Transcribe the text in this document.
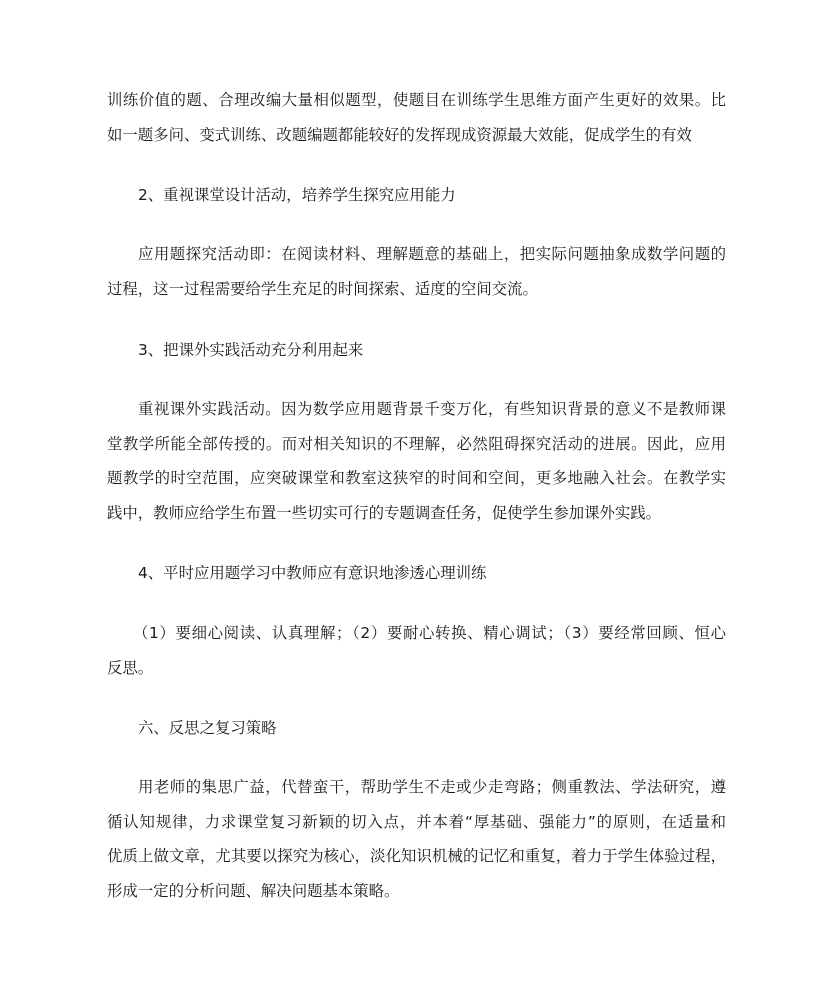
训练价值的题、合理改编大量相似题型，使题目在训练学生思维方面产生更好的效果。比
如一题多问、变式训练、改题编题都能较好的发挥现成资源最大效能，促成学生的有效
2、重视课堂设计活动，培养学生探究应用能力
应用题探究活动即：在阅读材料、理解题意的基础上，把实际问题抽象成数学问题的
过程，这一过程需要给学生充足的时间探索、适度的空间交流。
3、把课外实践活动充分利用起来
重视课外实践活动。因为数学应用题背景千变万化，有些知识背景的意义不是教师课
堂教学所能全部传授的。而对相关知识的不理解，必然阻碍探究活动的进展。因此，应用
题教学的时空范围，应突破课堂和教室这狭窄的时间和空间，更多地融入社会。在教学实
践中，教师应给学生布置一些切实可行的专题调查任务，促使学生参加课外实践。
4、平时应用题学习中教师应有意识地渗透心理训练
（1）要细心阅读、认真理解；（2）要耐心转换、精心调试；（3）要经常回顾、恒心
反思。
六、反思之复习策略
用老师的集思广益，代替蛮干，帮助学生不走或少走弯路；侧重教法、学法研究，遵
循认知规律，力求课堂复习新颖的切入点，并本着“厚基础、强能力”的原则，在适量和
优质上做文章，尤其要以探究为核心，淡化知识机械的记忆和重复，着力于学生体验过程，
形成一定的分析问题、解决问题基本策略。
